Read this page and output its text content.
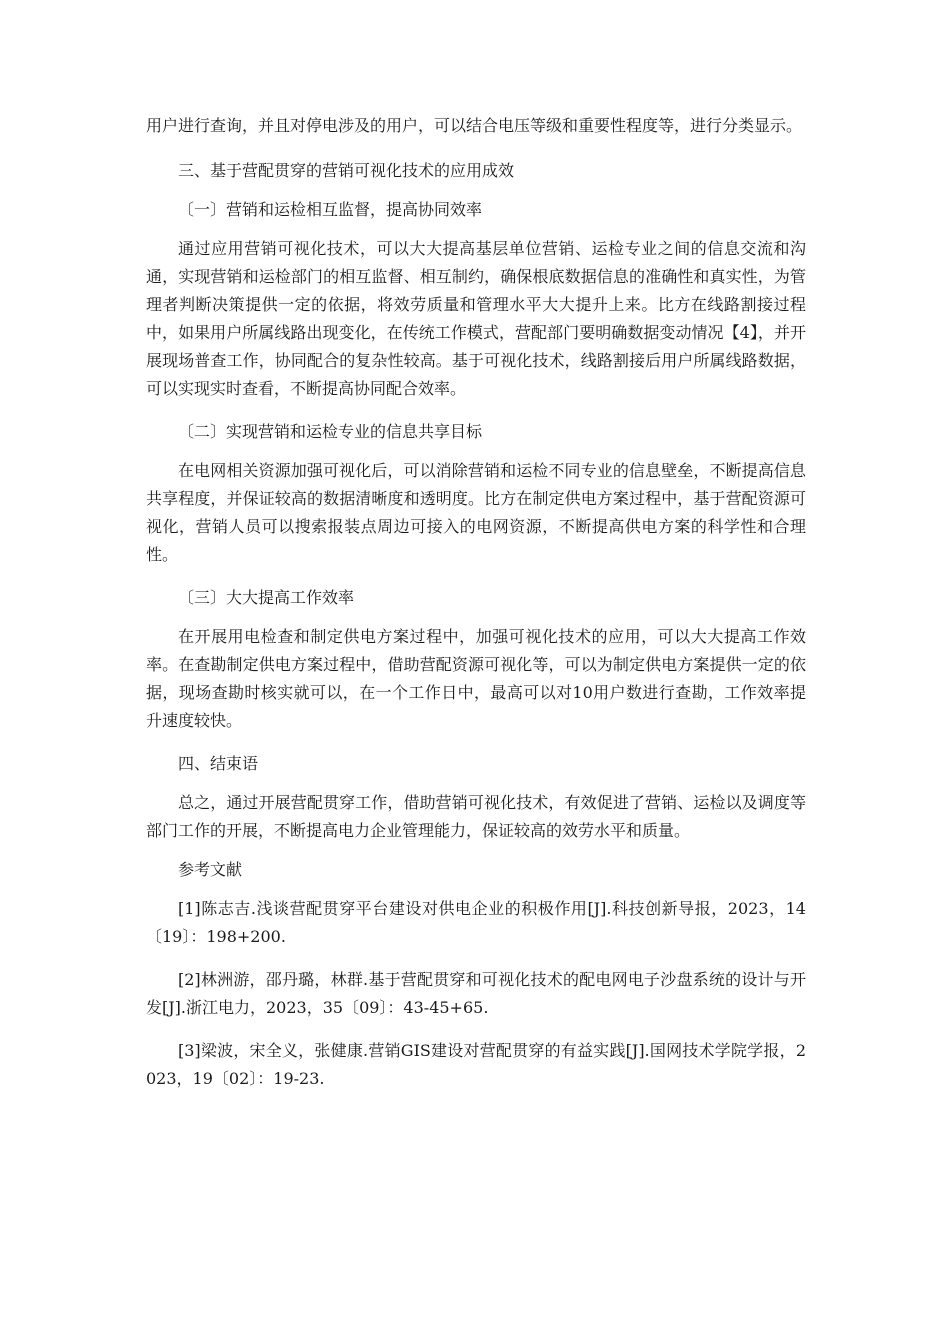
用户进行查询，并且对停电涉及的用户，可以结合电压等级和重要性程度等，进行分类显示。

三、基于营配贯穿的营销可视化技术的应用成效

〔一〕营销和运检相互监督，提高协同效率

通过应用营销可视化技术，可以大大提高基层单位营销、运检专业之间的信息交流和沟通，实现营销和运检部门的相互监督、相互制约，确保根底数据信息的准确性和真实性，为管理者判断决策提供一定的依据，将效劳质量和管理水平大大提升上来。比方在线路割接过程中，如果用户所属线路出现变化，在传统工作模式，营配部门要明确数据变动情况【4】，并开展现场普查工作，协同配合的复杂性较高。基于可视化技术，线路割接后用户所属线路数据，可以实现实时查看，不断提高协同配合效率。

〔二〕实现营销和运检专业的信息共享目标

在电网相关资源加强可视化后，可以消除营销和运检不同专业的信息壁垒，不断提高信息共享程度，并保证较高的数据清晰度和透明度。比方在制定供电方案过程中，基于营配资源可视化，营销人员可以搜索报装点周边可接入的电网资源，不断提高供电方案的科学性和合理性。

〔三〕大大提高工作效率

在开展用电检查和制定供电方案过程中，加强可视化技术的应用，可以大大提高工作效率。在查勘制定供电方案过程中，借助营配资源可视化等，可以为制定供电方案提供一定的依据，现场查勘时核实就可以，在一个工作日中，最高可以对10用户数进行查勘，工作效率提升速度较快。

四、结束语

总之，通过开展营配贯穿工作，借助营销可视化技术，有效促进了营销、运检以及调度等部门工作的开展，不断提高电力企业管理能力，保证较高的效劳水平和质量。

参考文献

[1]陈志吉.浅谈营配贯穿平台建设对供电企业的积极作用[J].科技创新导报，2023，14〔19〕：198+200.

[2]林洲游，邵丹璐，林群.基于营配贯穿和可视化技术的配电网电子沙盘系统的设计与开发[J].浙江电力，2023，35〔09〕：43-45+65.

[3]梁波，宋全义，张健康.营销GIS建设对营配贯穿的有益实践[J].国网技术学院学报，2023，19〔02〕：19-23.
